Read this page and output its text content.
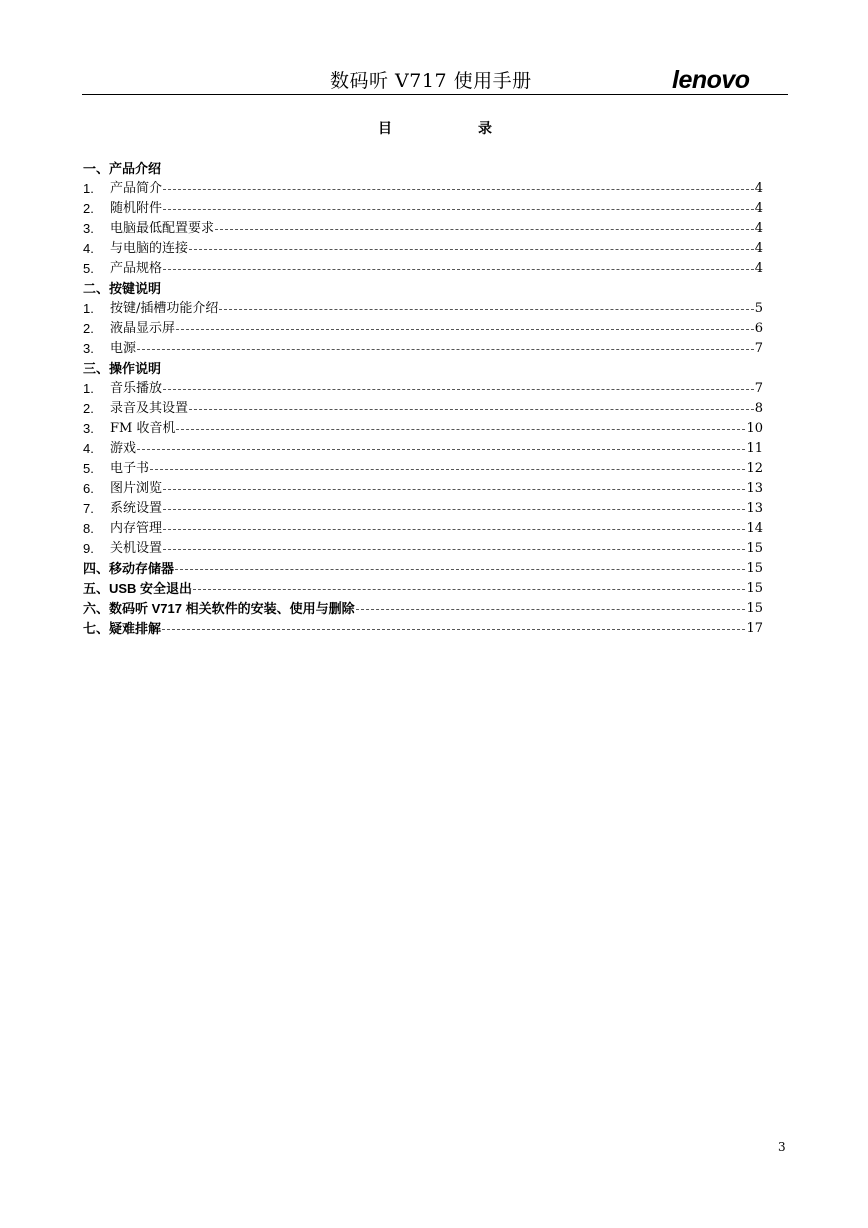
数码听 V717 使用手册	lenovo
目	录
一、产品介绍
1. 产品简介	4
2. 随机附件	4
3. 电脑最低配置要求	4
4. 与电脑的连接	4
5. 产品规格	4
二、按键说明
1. 按键/插槽功能介绍	5
2. 液晶显示屏	6
3. 电源	7
三、操作说明
1. 音乐播放	7
2. 录音及其设置	8
3. FM 收音机	10
4. 游戏	11
5. 电子书	12
6. 图片浏览	13
7. 系统设置	13
8. 内存管理	14
9. 关机设置	15
四、移动存储器	15
五、USB 安全退出	15
六、数码听 V717 相关软件的安装、使用与删除	15
七、疑难排解	17
3
